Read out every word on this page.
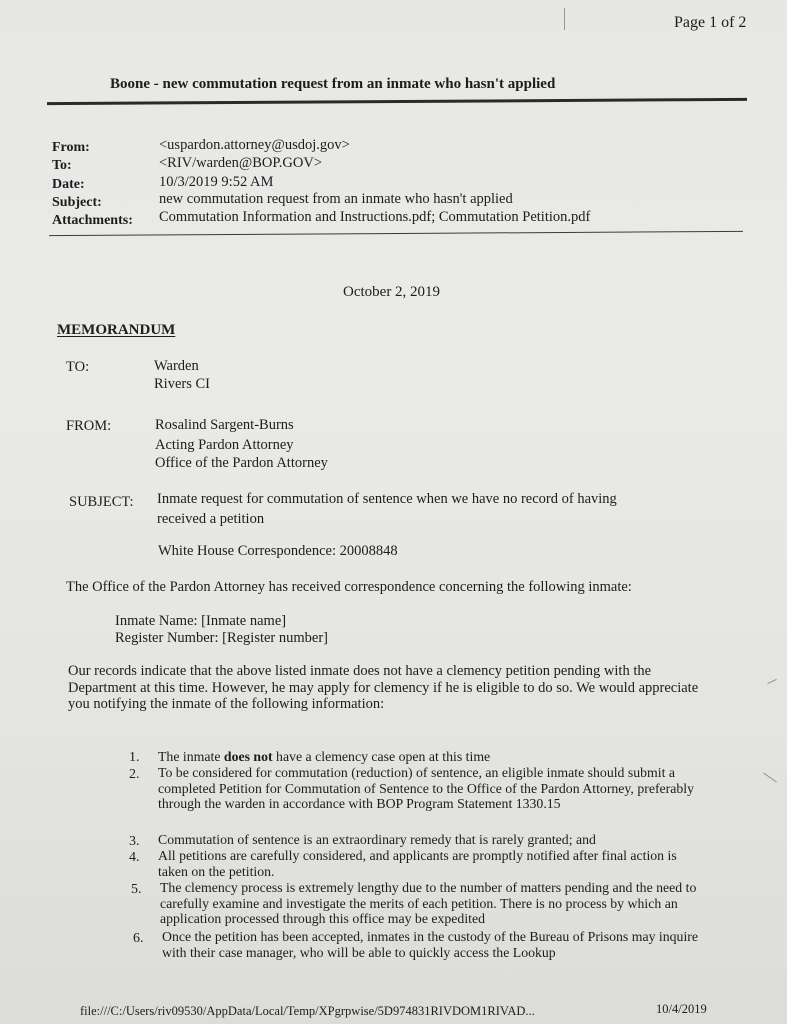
Page 1 of 2
Boone - new commutation request from an inmate who hasn't applied
From:	<uspardon.attorney@usdoj.gov>
To:	<RIV/warden@BOP.GOV>
Date:	10/3/2019 9:52 AM
Subject:	new commutation request from an inmate who hasn't applied
Attachments: Commutation Information and Instructions.pdf; Commutation Petition.pdf
October 2, 2019
MEMORANDUM
TO:	Warden
Rivers CI
FROM:	Rosalind Sargent-Burns
Acting Pardon Attorney
Office of the Pardon Attorney
SUBJECT: Inmate request for commutation of sentence when we have no record of having
received a petition
White House Correspondence: 20008848
The Office of the Pardon Attorney has received correspondence concerning the following inmate:
Inmate Name: [Inmate name]
Register Number: [Register number]
Our records indicate that the above listed inmate does not have a clemency petition pending with the Department at this time. However, he may apply for clemency if he is eligible to do so. We would appreciate you notifying the inmate of the following information:
1. The inmate does not have a clemency case open at this time
2. To be considered for commutation (reduction) of sentence, an eligible inmate should submit a completed Petition for Commutation of Sentence to the Office of the Pardon Attorney, preferably through the warden in accordance with BOP Program Statement 1330.15
3. Commutation of sentence is an extraordinary remedy that is rarely granted; and
4. All petitions are carefully considered, and applicants are promptly notified after final action is taken on the petition.
5. The clemency process is extremely lengthy due to the number of matters pending and the need to carefully examine and investigate the merits of each petition. There is no process by which an application processed through this office may be expedited
6. Once the petition has been accepted, inmates in the custody of the Bureau of Prisons may inquire with their case manager, who will be able to quickly access the Lookup
file:///C:/Users/riv09530/AppData/Local/Temp/XPgrpwise/5D974831RIVDOM1RIVAD...	10/4/2019
